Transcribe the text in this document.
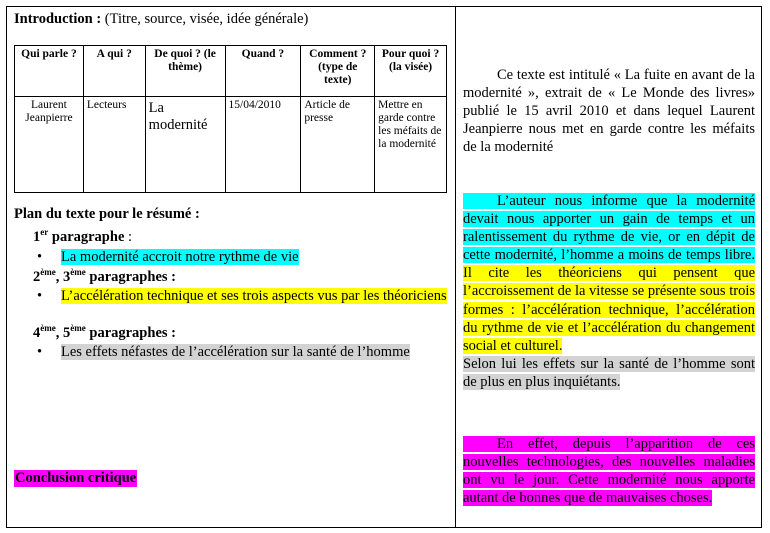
Introduction : (Titre, source, visée, idée générale)
Qui parle ?	A qui ?	De quoi ? (le thème)	Quand ?	Comment ? (type de texte)	Pour quoi ? (la visée)
Laurent Jeanpierre	Lecteurs	La modernité	15/04/2010	Article de presse	Mettre en garde contre les méfaits de la modernité
Plan du texte pour le résumé :
1er paragraphe :
•	La modernité accroit notre rythme de vie
2ème, 3ème paragraphes :
•	L’accélération technique et ses trois aspects vus par les théoriciens
4ème, 5ème paragraphes :
•	Les effets néfastes de l’accélération sur la santé de l’homme
Conclusion critique

Ce texte est intitulé « La fuite en avant de la modernité », extrait de « Le Monde des livres» publié le 15 avril 2010 et dans lequel Laurent Jeanpierre nous met en garde contre les méfaits de la modernité

L’auteur nous informe que la modernité devait nous apporter un gain de temps et un ralentissement du rythme de vie, or en dépit de cette modernité, l’homme a moins de temps libre. Il cite les théoriciens qui pensent que l’accroissement de la vitesse se présente sous trois formes : l’accélération technique, l’accélération du rythme de vie et l’accélération du changement social et culturel.

Selon lui les effets sur la santé de l’homme sont de plus en plus inquiétants.

En effet, depuis l’apparition de ces nouvelles technologies, des nouvelles maladies ont vu le jour. Cette modernité nous apporte autant de bonnes que de mauvaises choses.
